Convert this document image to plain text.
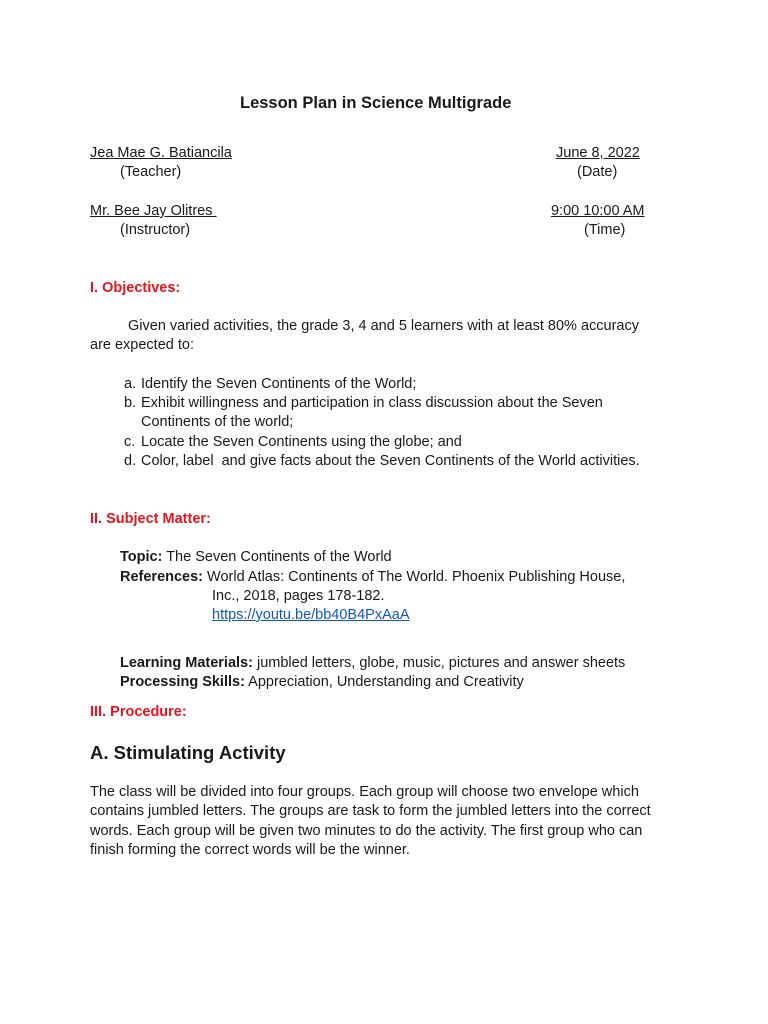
Lesson Plan in Science Multigrade
Jea Mae G. Batiancila
(Teacher)
June 8, 2022
(Date)
Mr. Bee Jay Olitres
(Instructor)
9:00 10:00 AM
(Time)
I. Objectives:
Given varied activities, the grade 3, 4 and 5 learners with at least 80% accuracy
are expected to:
a. Identify the Seven Continents of the World;
b. Exhibit willingness and participation in class discussion about the Seven
Continents of the world;
c. Locate the Seven Continents using the globe; and
d. Color, label  and give facts about the Seven Continents of the World activities.
II. Subject Matter:
Topic: The Seven Continents of the World
References: World Atlas: Continents of The World. Phoenix Publishing House,
Inc., 2018, pages 178-182.
https://youtu.be/bb40B4PxAaA
Learning Materials: jumbled letters, globe, music, pictures and answer sheets
Processing Skills: Appreciation, Understanding and Creativity
III. Procedure:
A. Stimulating Activity
The class will be divided into four groups. Each group will choose two envelope which
contains jumbled letters. The groups are task to form the jumbled letters into the correct
words. Each group will be given two minutes to do the activity. The first group who can
finish forming the correct words will be the winner.
